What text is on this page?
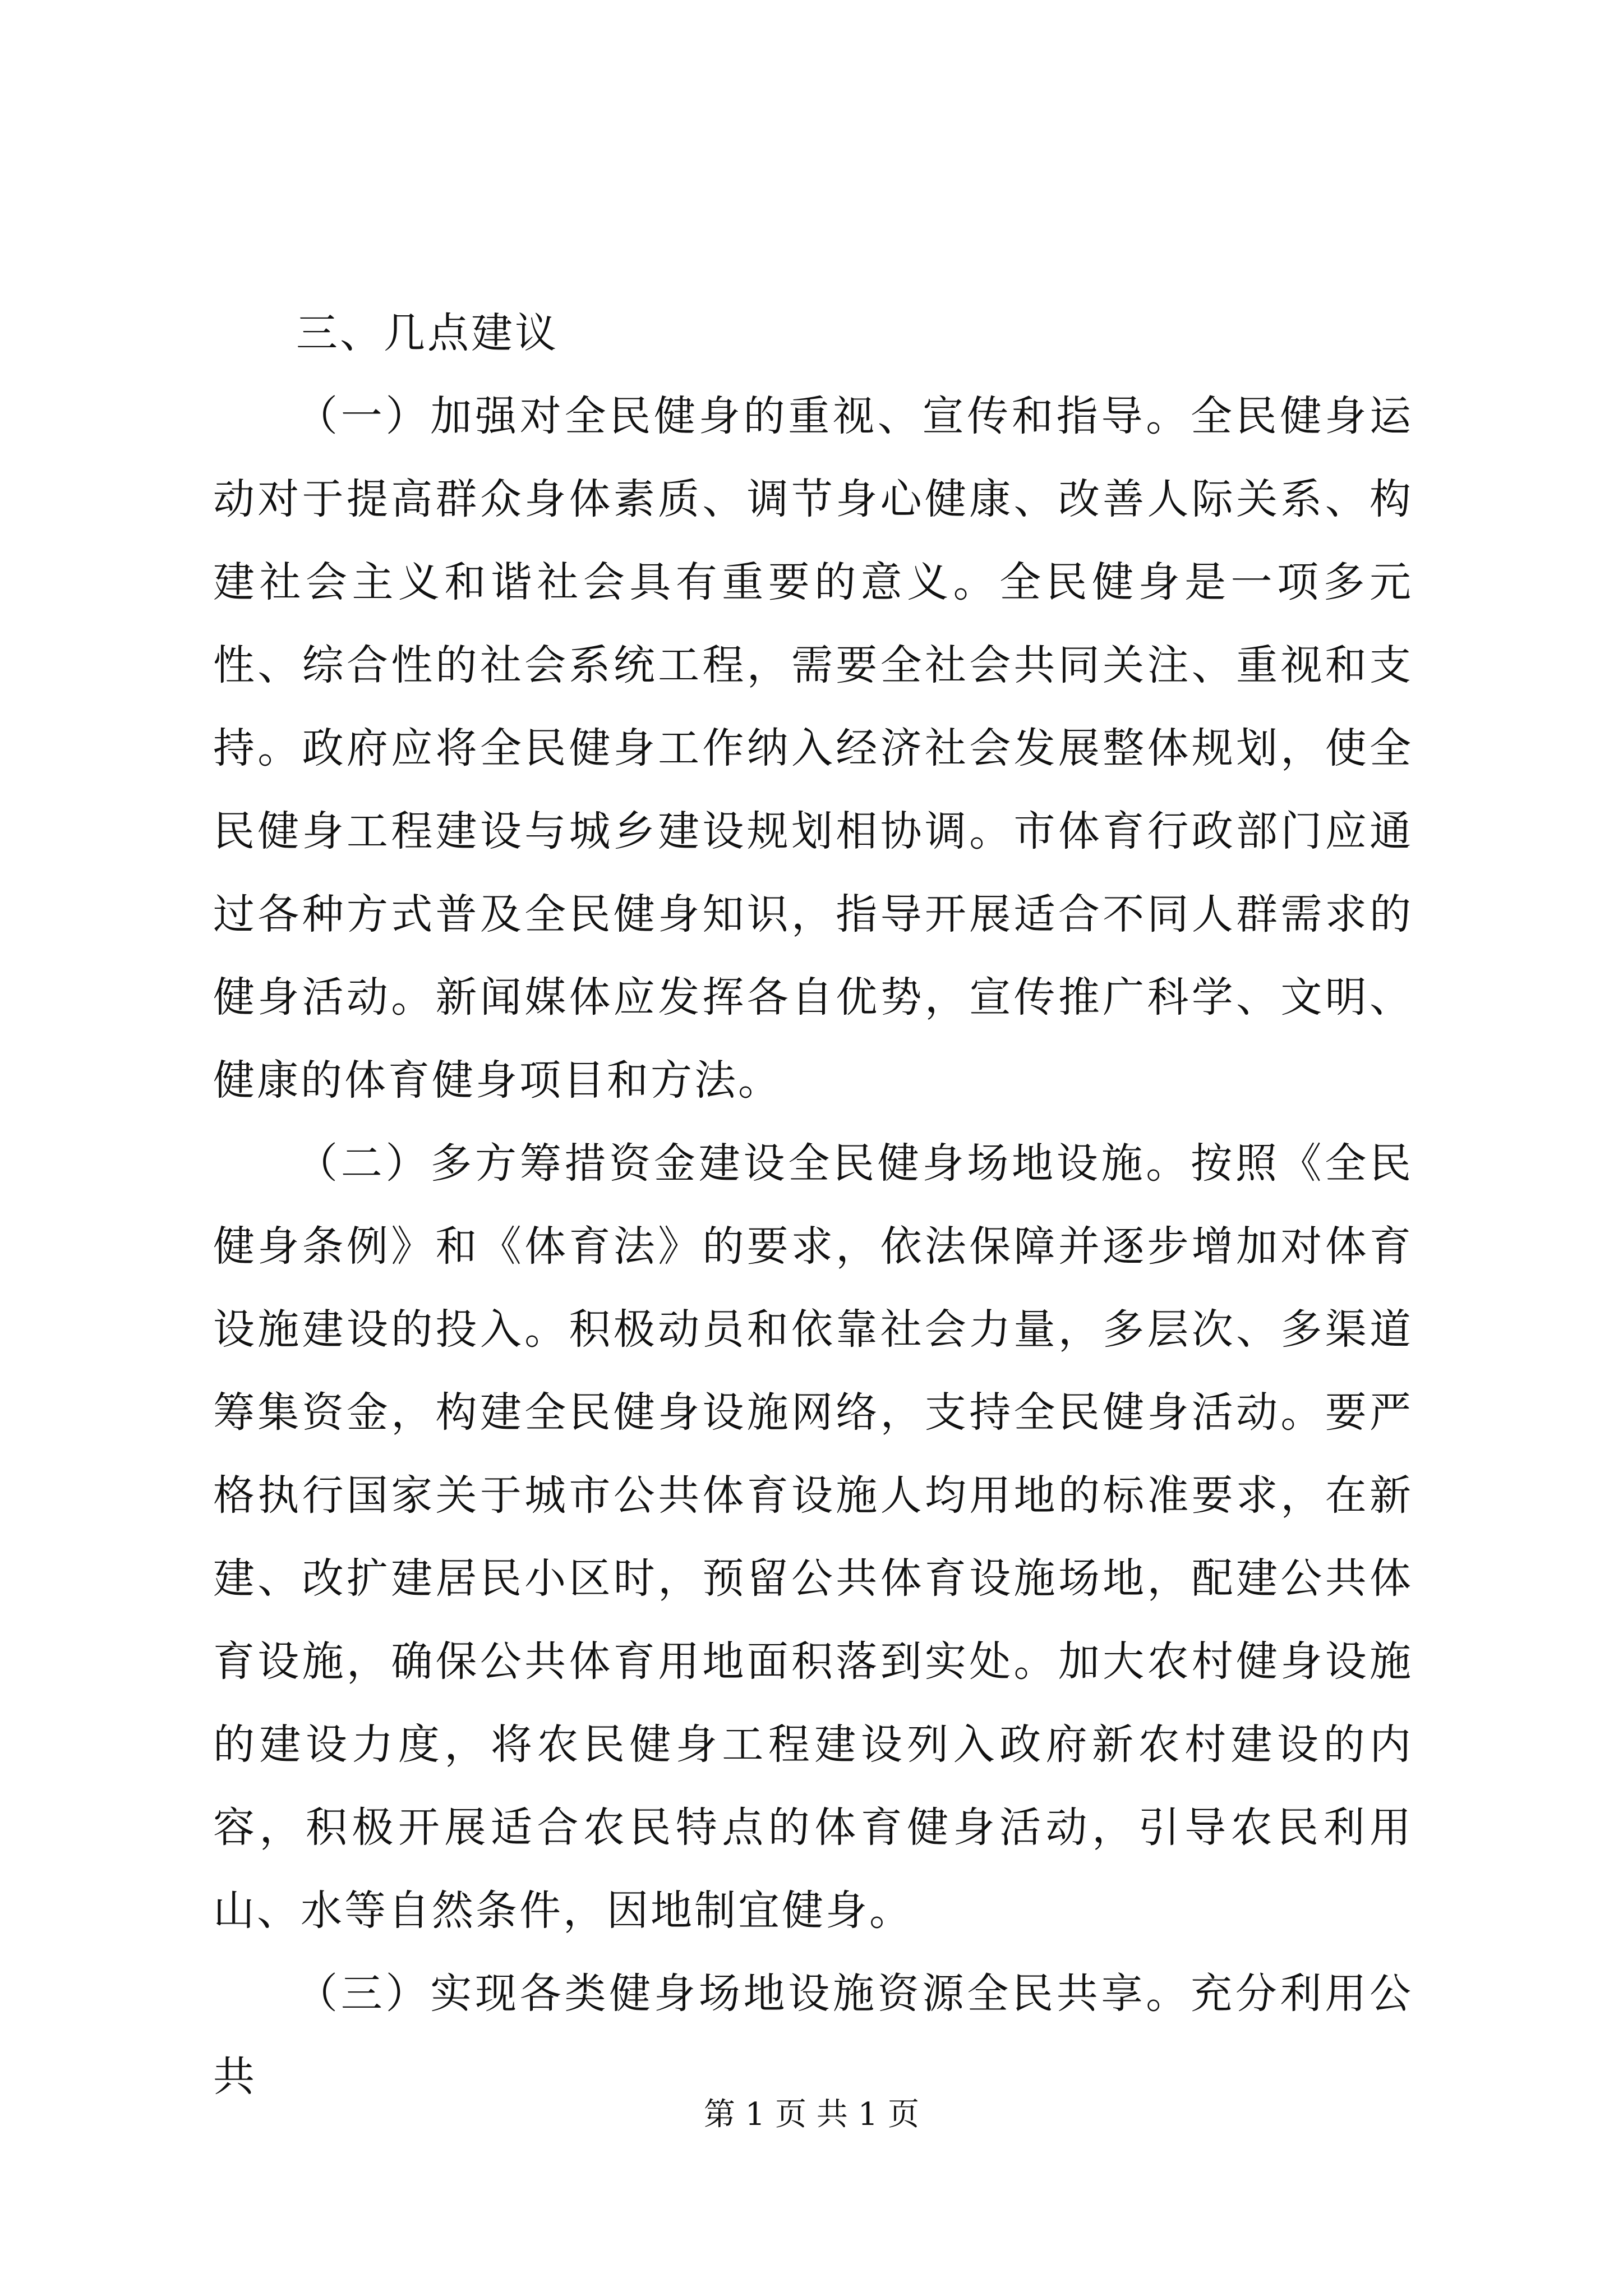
三、几点建议

（一）加强对全民健身的重视、宣传和指导。全民健身运动对于提高群众身体素质、调节身心健康、改善人际关系、构建社会主义和谐社会具有重要的意义。全民健身是一项多元性、综合性的社会系统工程，需要全社会共同关注、重视和支持。政府应将全民健身工作纳入经济社会发展整体规划，使全民健身工程建设与城乡建设规划相协调。市体育行政部门应通过各种方式普及全民健身知识，指导开展适合不同人群需求的健身活动。新闻媒体应发挥各自优势，宣传推广科学、文明、健康的体育健身项目和方法。

（二）多方筹措资金建设全民健身场地设施。按照《全民健身条例》和《体育法》的要求，依法保障并逐步增加对体育设施建设的投入。积极动员和依靠社会力量，多层次、多渠道筹集资金，构建全民健身设施网络，支持全民健身活动。要严格执行国家关于城市公共体育设施人均用地的标准要求，在新建、改扩建居民小区时，预留公共体育设施场地，配建公共体育设施，确保公共体育用地面积落到实处。加大农村健身设施的建设力度，将农民健身工程建设列入政府新农村建设的内容，积极开展适合农民特点的体育健身活动，引导农民利用山、水等自然条件，因地制宜健身。

（三）实现各类健身场地设施资源全民共享。充分利用公共

第 1 页 共 1 页
